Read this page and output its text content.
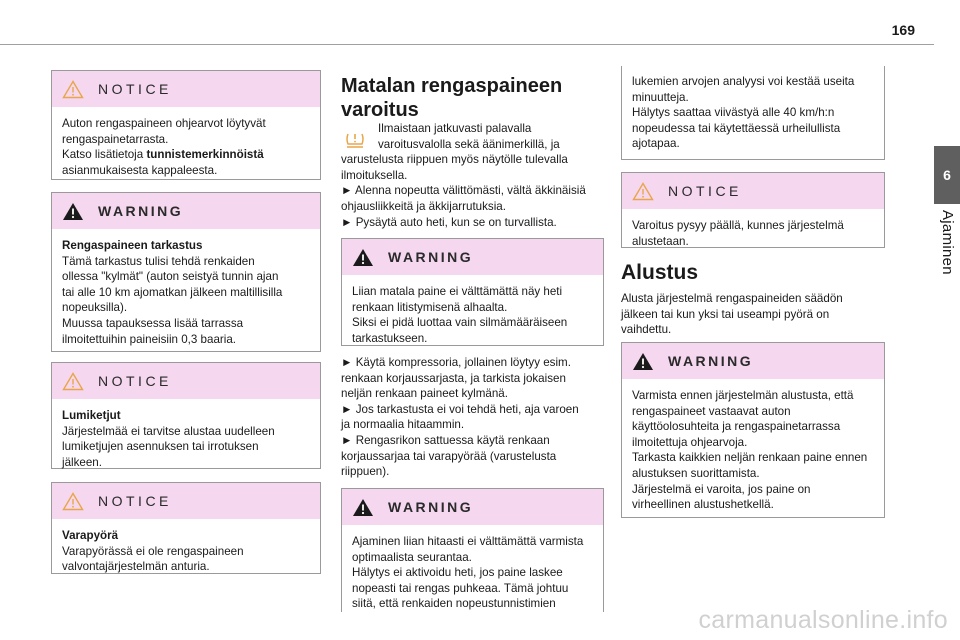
169
6
Ajaminen
NOTICE
Auton rengaspaineen ohjearvot löytyvät
rengaspainetarrasta.
Katso lisätietoja tunnistemerkinnöistä
asianmukaisesta kappaleesta.
WARNING
Rengaspaineen tarkastus
Tämä tarkastus tulisi tehdä renkaiden
ollessa "kylmät" (auton seistyä tunnin ajan
tai alle 10 km ajomatkan jälkeen maltillisilla
nopeuksilla).
Muussa tapauksessa lisää tarrassa
ilmoitettuihin paineisiin 0,3 baaria.
NOTICE
Lumiketjut
Järjestelmää ei tarvitse alustaa uudelleen
lumiketjujen asennuksen tai irrotuksen
jälkeen.
NOTICE
Varapyörä
Varapyörässä ei ole rengaspaineen
valvontajärjestelmän anturia.
Matalan rengaspaineen
varoitus
Ilmaistaan jatkuvasti palavalla
varoitusvalolla sekä äänimerkillä, ja
varustelusta riippuen myös näytölle tulevalla
ilmoituksella.
► Alenna nopeutta välittömästi, vältä äkkinäisiä
ohjausliikkeitä ja äkkijarrutuksia.
► Pysäytä auto heti, kun se on turvallista.
WARNING
Liian matala paine ei välttämättä näy heti
renkaan litistymisenä alhaalta.
Siksi ei pidä luottaa vain silmämääräiseen
tarkastukseen.
► Käytä kompressoria, jollainen löytyy esim.
renkaan korjaussarjasta, ja tarkista jokaisen
neljän renkaan paineet kylmänä.
► Jos tarkastusta ei voi tehdä heti, aja varoen
ja normaalia hitaammin.
► Rengasrikon sattuessa käytä renkaan
korjaussarjaa tai varapyörää (varustelusta
riippuen).
WARNING
Ajaminen liian hitaasti ei välttämättä varmista
optimaalista seurantaa.
Hälytys ei aktivoidu heti, jos paine laskee
nopeasti tai rengas puhkeaa. Tämä johtuu
siitä, että renkaiden nopeustunnistimien
lukemien arvojen analyysi voi kestää useita
minuutteja.
Hälytys saattaa viivästyä alle 40 km/h:n
nopeudessa tai käytettäessä urheilullista
ajotapaa.
NOTICE
Varoitus pysyy päällä, kunnes järjestelmä
alustetaan.
Alustus
Alusta järjestelmä rengaspaineiden säädön
jälkeen tai kun yksi tai useampi pyörä on
vaihdettu.
WARNING
Varmista ennen järjestelmän alustusta, että
rengaspaineet vastaavat auton
käyttöolosuhteita ja rengaspainetarrassa
ilmoitettuja ohjearvoja.
Tarkasta kaikkien neljän renkaan paine ennen
alustuksen suorittamista.
Järjestelmä ei varoita, jos paine on
virheellinen alustushetkellä.
carmanualsonline.info
